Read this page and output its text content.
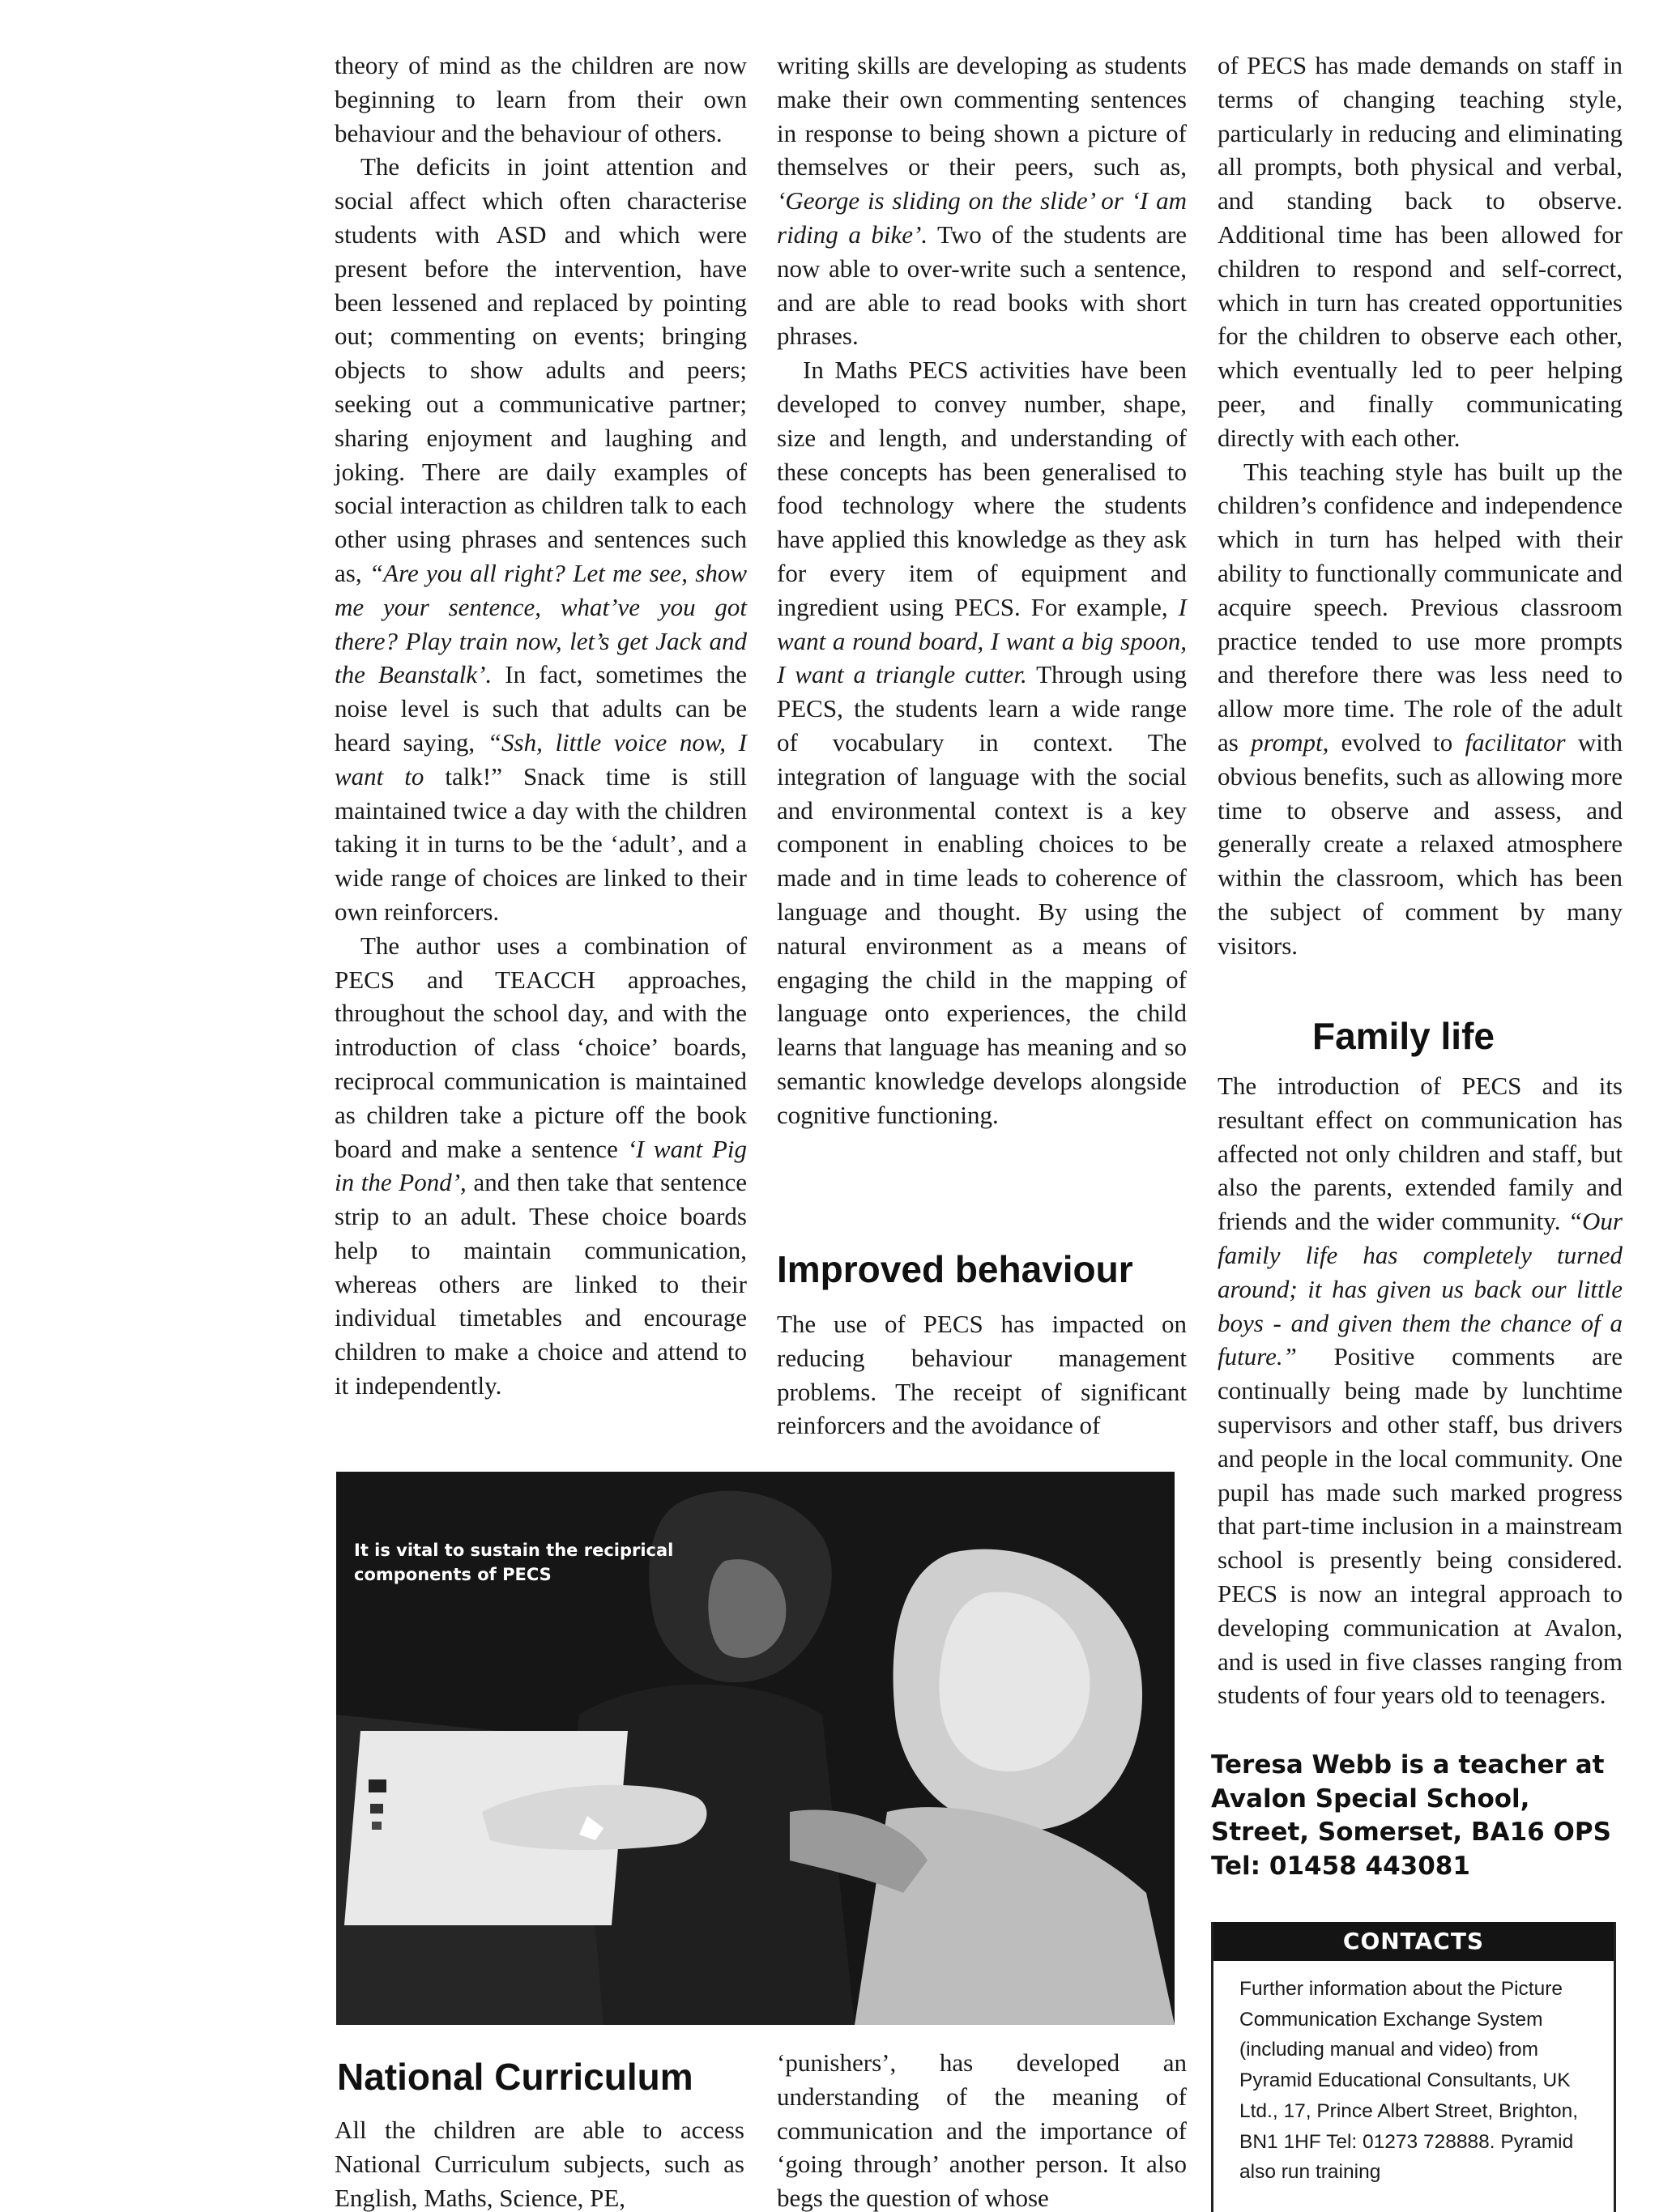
theory of mind as the children are now beginning to learn from their own behaviour and the behaviour of others.

The deficits in joint attention and social affect which often characterise students with ASD and which were present before the intervention, have been lessened and replaced by pointing out; commenting on events; bringing objects to show adults and peers; seeking out a communicative partner; sharing enjoyment and laughing and joking. There are daily examples of social interaction as children talk to each other using phrases and sentences such as, “Are you all right? Let me see, show me your sentence, what’ve you got there? Play train now, let’s get Jack and the Beanstalk’. In fact, sometimes the noise level is such that adults can be heard saying, “Ssh, little voice now, I want to talk!” Snack time is still maintained twice a day with the children taking it in turns to be the ‘adult’, and a wide range of choices are linked to their own reinforcers.

The author uses a combination of PECS and TEACCH approaches, throughout the school day, and with the introduction of class ‘choice’ boards, reciprocal communication is maintained as children take a picture off the book board and make a sentence ‘I want Pig in the Pond’, and then take that sentence strip to an adult. These choice boards help to maintain communication, whereas others are linked to their individual timetables and encourage children to make a choice and attend to it independently.

writing skills are developing as students make their own commenting sentences in response to being shown a picture of themselves or their peers, such as, ‘George is sliding on the slide’ or ‘I am riding a bike’. Two of the students are now able to over-write such a sentence, and are able to read books with short phrases.

In Maths PECS activities have been developed to convey number, shape, size and length, and understanding of these concepts has been generalised to food technology where the students have applied this knowledge as they ask for every item of equipment and ingredient using PECS. For example, I want a round board, I want a big spoon, I want a triangle cutter. Through using PECS, the students learn a wide range of vocabulary in context. The integration of language with the social and environmental context is a key component in enabling choices to be made and in time leads to coherence of language and thought. By using the natural environment as a means of engaging the child in the mapping of language onto experiences, the child learns that language has meaning and so semantic knowledge develops alongside cognitive functioning.

Improved behaviour

The use of PECS has impacted on reducing behaviour management problems. The receipt of significant reinforcers and the avoidance of

of PECS has made demands on staff in terms of changing teaching style, particularly in reducing and eliminating all prompts, both physical and verbal, and standing back to observe. Additional time has been allowed for children to respond and self-correct, which in turn has created opportunities for the children to observe each other, which eventually led to peer helping peer, and finally communicating directly with each other.

This teaching style has built up the children’s confidence and independence which in turn has helped with their ability to functionally communicate and acquire speech. Previous classroom practice tended to use more prompts and therefore there was less need to allow more time. The role of the adult as prompt, evolved to facilitator with obvious benefits, such as allowing more time to observe and assess, and generally create a relaxed atmosphere within the classroom, which has been the subject of comment by many visitors.

Family life

The introduction of PECS and its resultant effect on communication has affected not only children and staff, but also the parents, extended family and friends and the wider community. “Our family life has completely turned around; it has given us back our little boys - and given them the chance of a future.” Positive comments are continually being made by lunchtime supervisors and other staff, bus drivers and people in the local community. One pupil has made such marked progress that part-time inclusion in a mainstream school is presently being considered. PECS is now an integral approach to developing communication at Avalon, and is used in five classes ranging from students of four years old to teenagers.

Teresa Webb is a teacher at Avalon Special School, Street, Somerset, BA16 OPS Tel: 01458 443081

It is vital to sustain the reciprical components of PECS
National Curriculum

All the children are able to access National Curriculum subjects, such as English, Maths, Science, PE,

‘punishers’, has developed an understanding of the meaning of communication and the importance of ‘going through’ another person. It also begs the question of whose

CONTACTS
Further information about the Picture Communication Exchange System (including manual and video) from Pyramid Educational Consultants, UK Ltd., 17, Prince Albert Street, Brighton, BN1 1HF Tel: 01273 728888. Pyramid also run training
